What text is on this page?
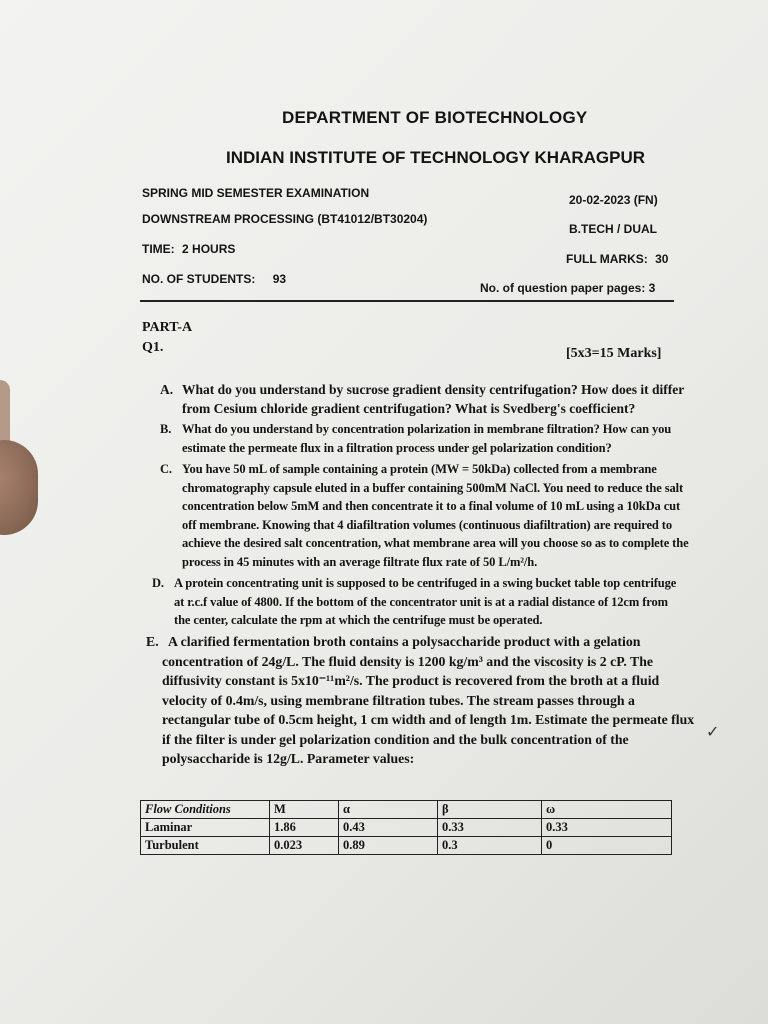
DEPARTMENT OF BIOTECHNOLOGY
INDIAN INSTITUTE OF TECHNOLOGY KHARAGPUR
SPRING MID SEMESTER EXAMINATION	20-02-2023 (FN)
DOWNSTREAM PROCESSING (BT41012/BT30204)
B.TECH / DUAL
TIME: 2 HOURS
FULL MARKS: 30
NO. OF STUDENTS: 93
No. of question paper pages: 3
PART-A
Q1.	[5x3=15 Marks]
A. What do you understand by sucrose gradient density centrifugation? How does it differ
from Cesium chloride gradient centrifugation? What is Svedberg's coefficient?
B. What do you understand by concentration polarization in membrane filtration? How can you
estimate the permeate flux in a filtration process under gel polarization condition?
C. You have 50 mL of sample containing a protein (MW = 50kDa) collected from a membrane
chromatography capsule eluted in a buffer containing 500mM NaCl. You need to reduce the salt
concentration below 5mM and then concentrate it to a final volume of 10 mL using a 10kDa cut
off membrane. Knowing that 4 diafiltration volumes (continuous diafiltration) are required to
achieve the desired salt concentration, what membrane area will you choose so as to complete the
process in 45 minutes with an average filtrate flux rate of 50 L/m²/h.
D. A protein concentrating unit is supposed to be centrifuged in a swing bucket table top centrifuge
at r.c.f value of 4800. If the bottom of the concentrator unit is at a radial distance of 12cm from
the center, calculate the rpm at which the centrifuge must be operated.
E. A clarified fermentation broth contains a polysaccharide product with a gelation
concentration of 24g/L. The fluid density is 1200 kg/m³ and the viscosity is 2 cP. The
diffusivity constant is 5x10⁻¹¹m²/s. The product is recovered from the broth at a fluid
velocity of 0.4m/s, using membrane filtration tubes. The stream passes through a
rectangular tube of 0.5cm height, 1 cm width and of length 1m. Estimate the permeate flux
if the filter is under gel polarization condition and the bulk concentration of the
polysaccharide is 12g/L. Parameter values:
✓
Flow Conditions	M	α	β	ω
Laminar	1.86	0.43	0.33	0.33
Turbulent	0.023	0.89	0.3	0
